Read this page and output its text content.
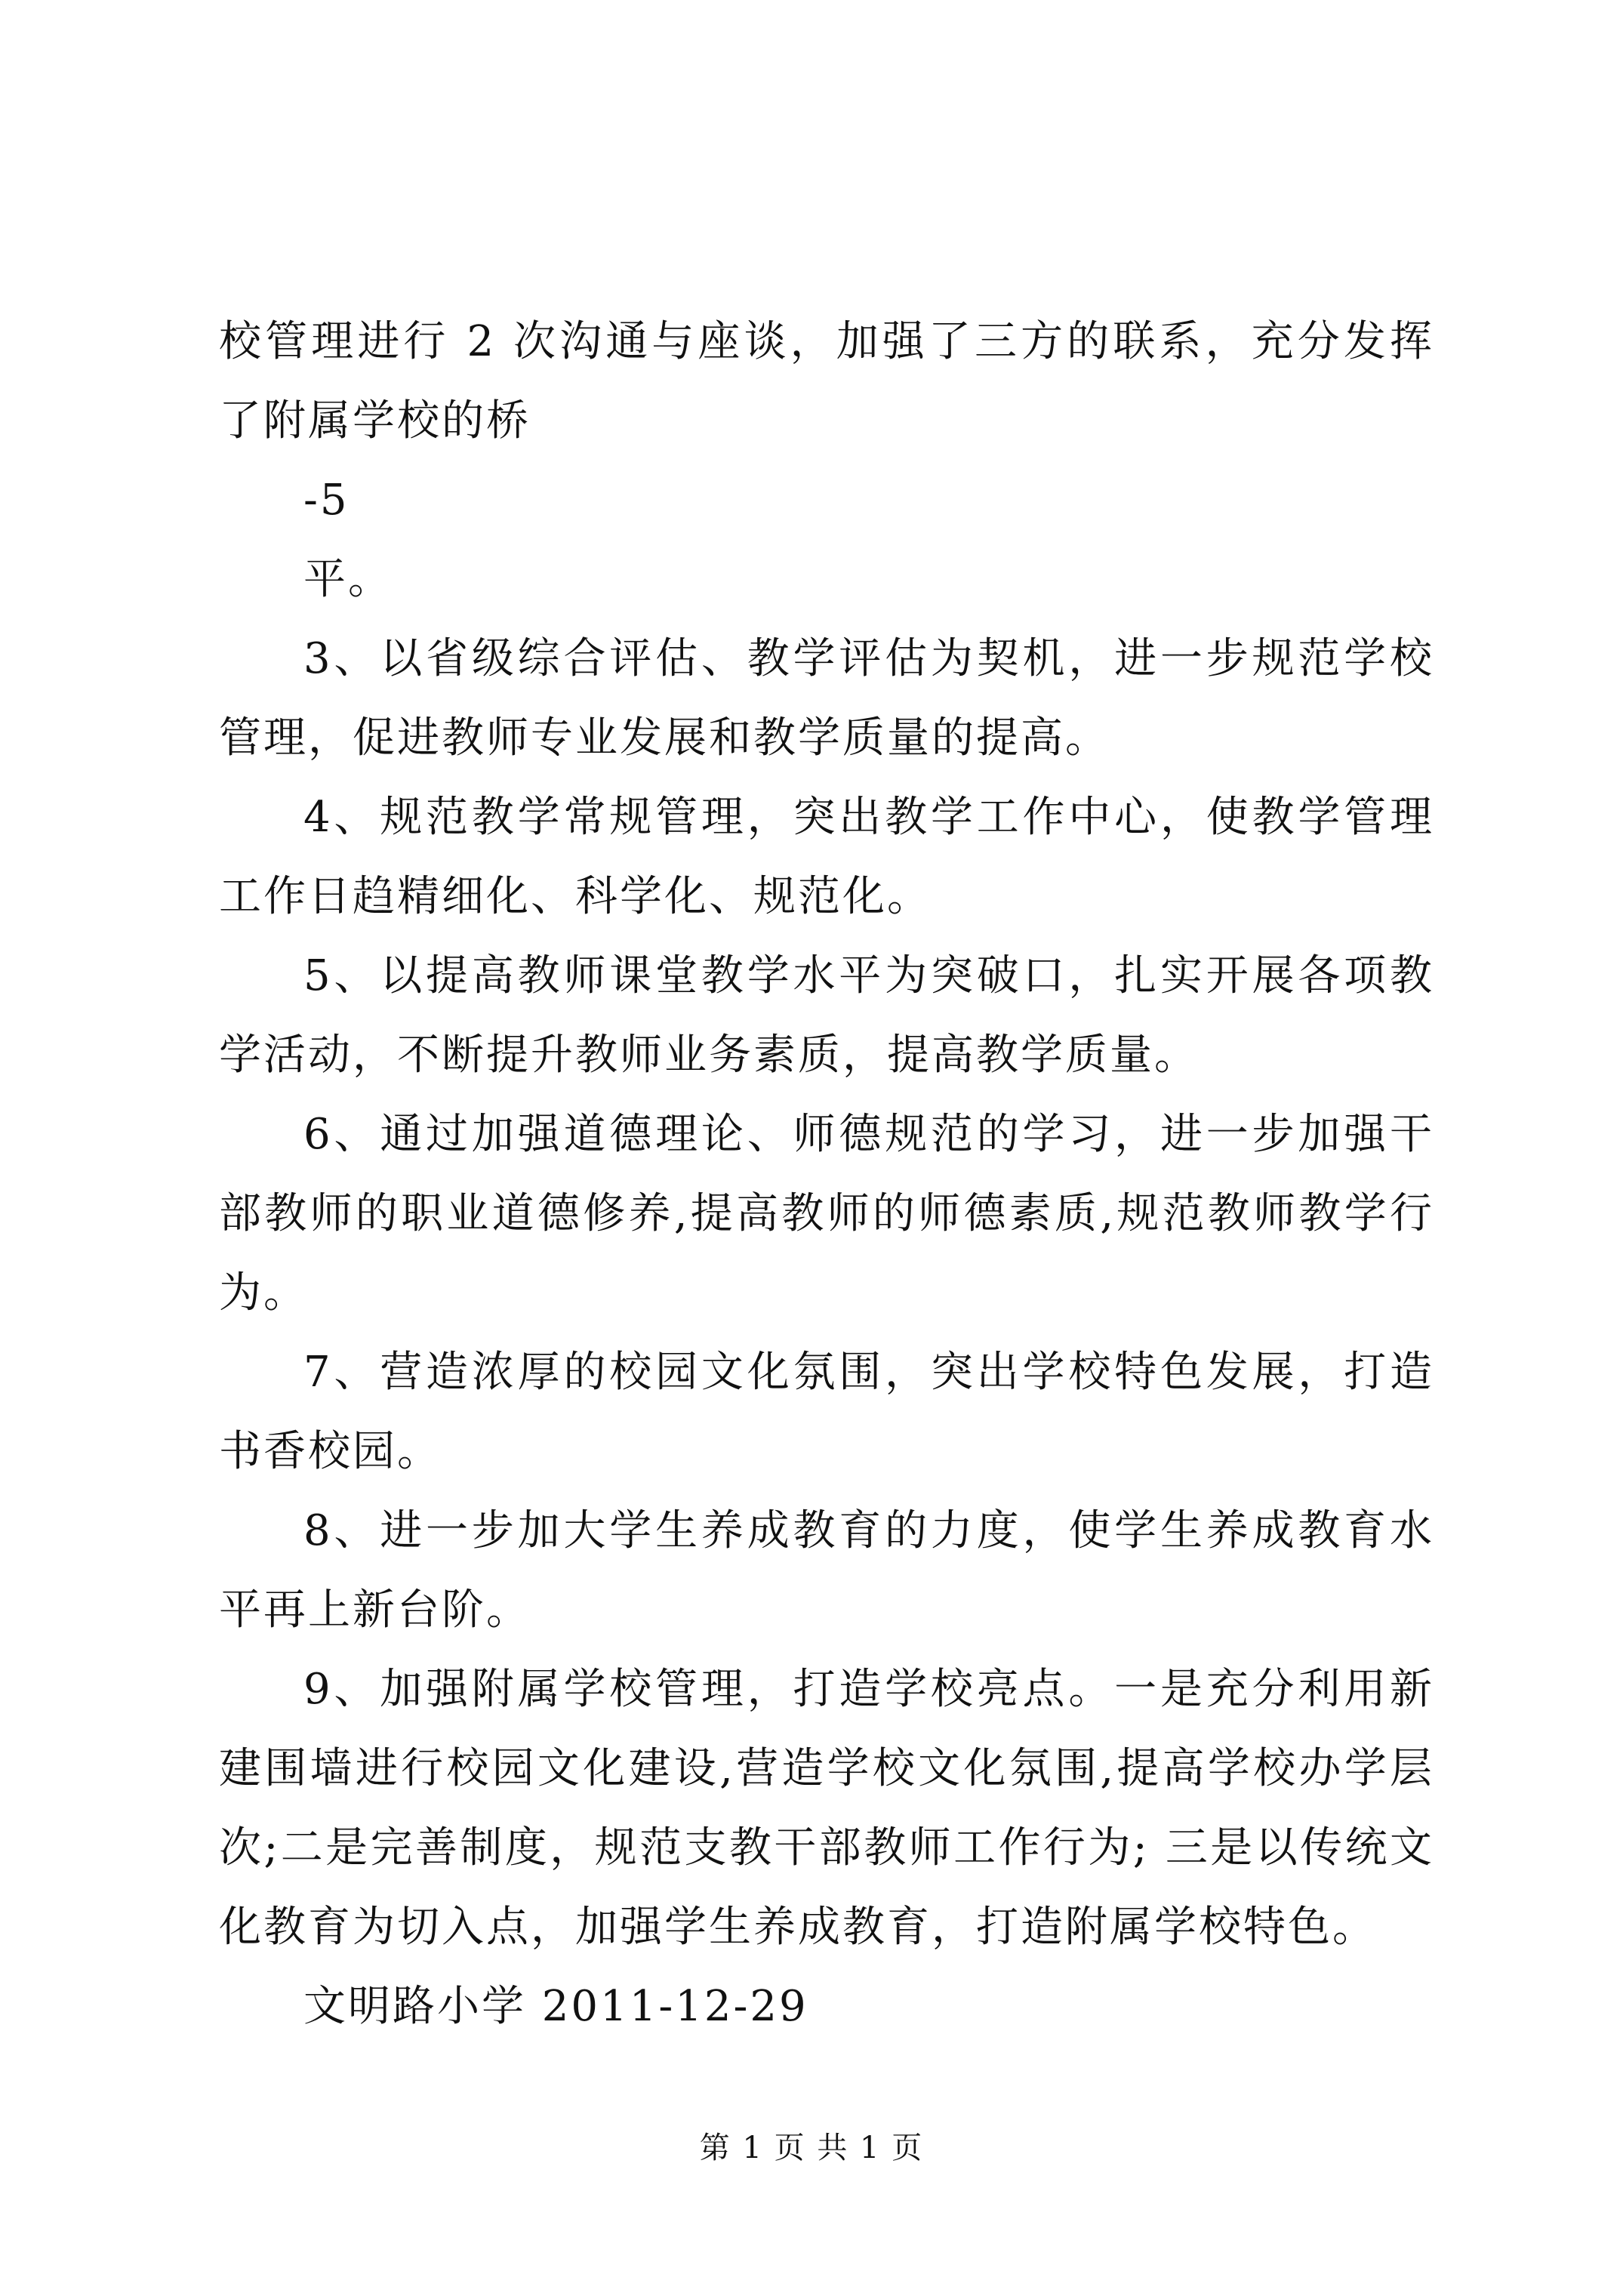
校管理进行 2 次沟通与座谈，加强了三方的联系，充分发挥了附属学校的桥

-5

平。

3、以省级综合评估、教学评估为契机，进一步规范学校管理，促进教师专业发展和教学质量的提高。

4、规范教学常规管理，突出教学工作中心，使教学管理工作日趋精细化、科学化、规范化。

5、以提高教师课堂教学水平为突破口，扎实开展各项教学活动，不断提升教师业务素质，提高教学质量。

6、通过加强道德理论、师德规范的学习，进一步加强干部教师的职业道德修养,提高教师的师德素质,规范教师教学行为。

7、营造浓厚的校园文化氛围，突出学校特色发展，打造书香校园。

8、进一步加大学生养成教育的力度，使学生养成教育水平再上新台阶。

9、加强附属学校管理，打造学校亮点。一是充分利用新建围墙进行校园文化建设,营造学校文化氛围,提高学校办学层次;二是完善制度，规范支教干部教师工作行为; 三是以传统文化教育为切入点，加强学生养成教育，打造附属学校特色。

文明路小学 2011-12-29

第 1 页 共 1 页
